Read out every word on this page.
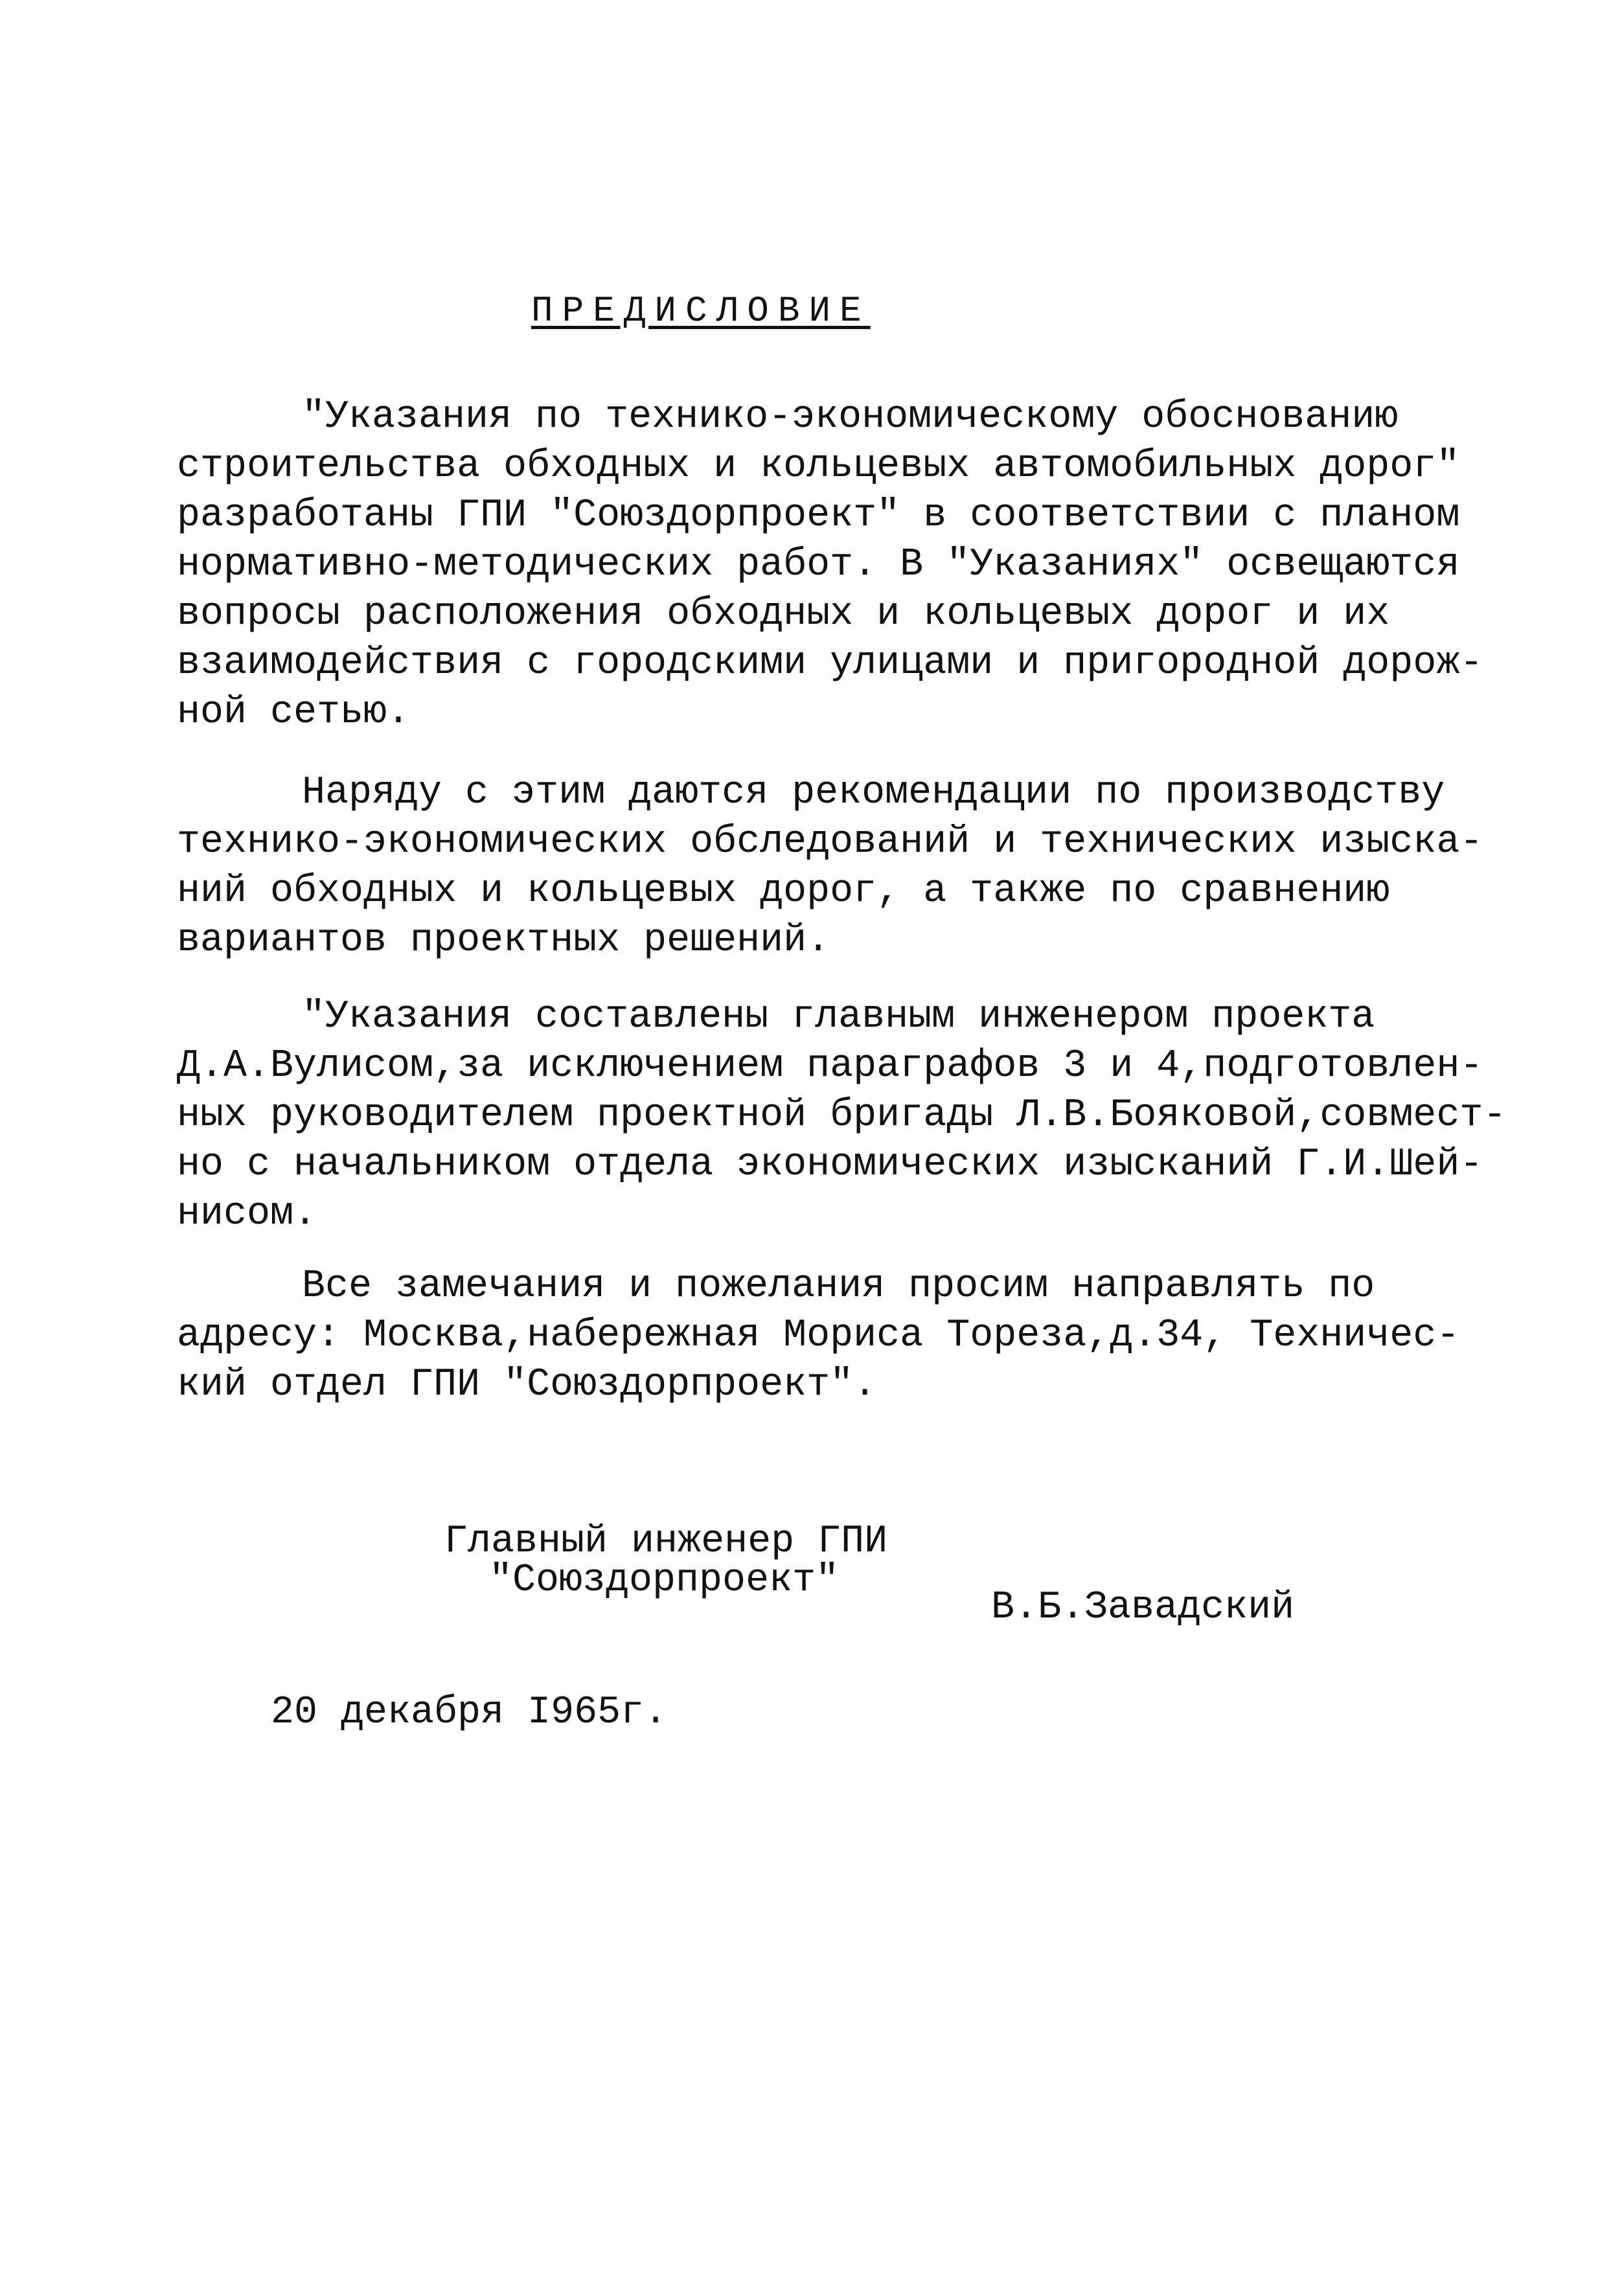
ПРЕДИСЛОВИЕ
"Указания по технико-экономическому обоснованию
строительства обходных и кольцевых автомобильных дорог"
разработаны ГПИ "Союздорпроект" в соответствии с планом
нормативно-методических работ. В "Указаниях" освещаются
вопросы расположения обходных и кольцевых дорог и их
взаимодействия с городскими улицами и пригородной дорож-
ной сетью.
Наряду с этим даются рекомендации по производству
технико-экономических обследований и технических изыска-
ний обходных и кольцевых дорог, а также по сравнению
вариантов проектных решений.
"Указания составлены главным инженером проекта
Д.А.Вулисом,за исключением параграфов 3 и 4,подготовлен-
ных руководителем проектной бригады Л.В.Бояковой,совмест-
но с начальником отдела экономических изысканий Г.И.Шей-
нисом.
Все замечания и пожелания просим направлять по
адресу: Москва,набережная Мориса Тореза,д.34, Техничес-
кий отдел ГПИ "Союздорпроект".
Главный инженер ГПИ
"Союздорпроект"
В.Б.Завадский
20 декабря I965г.
